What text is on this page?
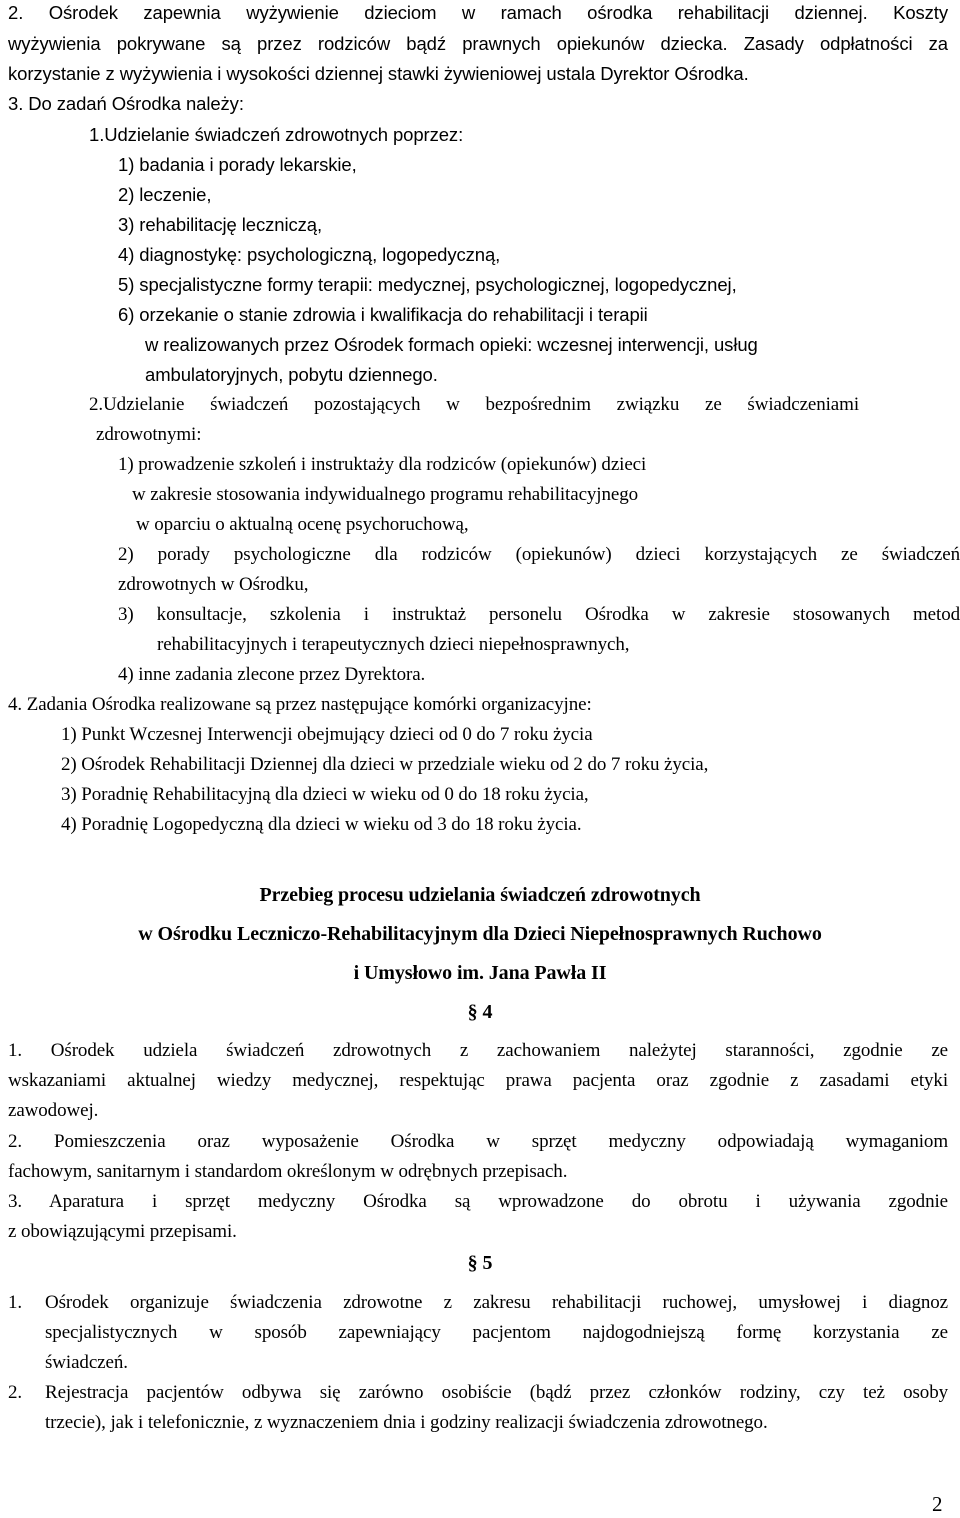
2. Ośrodek zapewnia wyżywienie dzieciom w ramach ośrodka rehabilitacji dziennej. Koszty
wyżywienia pokrywane są przez rodziców bądź prawnych opiekunów dziecka. Zasady odpłatności za
korzystanie z wyżywienia i wysokości dziennej stawki żywieniowej ustala Dyrektor Ośrodka.
3. Do zadań Ośrodka należy:
1.Udzielanie świadczeń zdrowotnych poprzez:
1) badania i porady lekarskie,
2) leczenie,
3) rehabilitację leczniczą,
4) diagnostykę: psychologiczną, logopedyczną,
5) specjalistyczne formy terapii: medycznej, psychologicznej, logopedycznej,
6) orzekanie o stanie zdrowia i kwalifikacja do rehabilitacji i terapii
w realizowanych przez Ośrodek formach opieki: wczesnej interwencji, usług
ambulatoryjnych, pobytu dziennego.
2.Udzielanie świadczeń pozostających w bezpośrednim związku ze świadczeniami
zdrowotnymi:
1) prowadzenie szkoleń i instruktaży dla rodziców (opiekunów) dzieci
w zakresie stosowania indywidualnego programu rehabilitacyjnego
w oparciu o aktualną ocenę psychoruchową,
2) porady psychologiczne dla rodziców (opiekunów) dzieci korzystających ze świadczeń
zdrowotnych w Ośrodku,
3) konsultacje, szkolenia i instruktaż personelu Ośrodka w zakresie stosowanych metod
rehabilitacyjnych i terapeutycznych dzieci niepełnosprawnych,
4) inne zadania zlecone przez Dyrektora.
4. Zadania Ośrodka realizowane są przez następujące komórki organizacyjne:
1) Punkt Wczesnej Interwencji obejmujący dzieci od 0 do 7 roku życia
2) Ośrodek Rehabilitacji Dziennej dla dzieci w przedziale wieku od 2 do 7 roku życia,
3) Poradnię Rehabilitacyjną dla dzieci w wieku od 0 do 18 roku życia,
4) Poradnię Logopedyczną dla dzieci w wieku od 3 do 18 roku życia.
Przebieg procesu udzielania świadczeń zdrowotnych
w Ośrodku Leczniczo-Rehabilitacyjnym dla Dzieci Niepełnosprawnych Ruchowo
i Umysłowo im. Jana Pawła II
§ 4
1. Ośrodek udziela świadczeń zdrowotnych z zachowaniem należytej staranności, zgodnie ze
wskazaniami aktualnej wiedzy medycznej, respektując prawa pacjenta oraz zgodnie z zasadami etyki
zawodowej.
2. Pomieszczenia oraz wyposażenie Ośrodka w sprzęt medyczny odpowiadają wymaganiom
fachowym, sanitarnym i standardom określonym w odrębnych przepisach.
3. Aparatura i sprzęt medyczny Ośrodka są wprowadzone do obrotu i używania zgodnie
z obowiązującymi przepisami.
§ 5
1. Ośrodek organizuje świadczenia zdrowotne z zakresu rehabilitacji ruchowej, umysłowej i diagnoz
specjalistycznych w sposób zapewniający pacjentom najdogodniejszą formę korzystania ze
świadczeń.
2. Rejestracja pacjentów odbywa się zarówno osobiście (bądź przez członków rodziny, czy też osoby
trzecie), jak i telefonicznie, z wyznaczeniem dnia i godziny realizacji świadczenia zdrowotnego.
2
